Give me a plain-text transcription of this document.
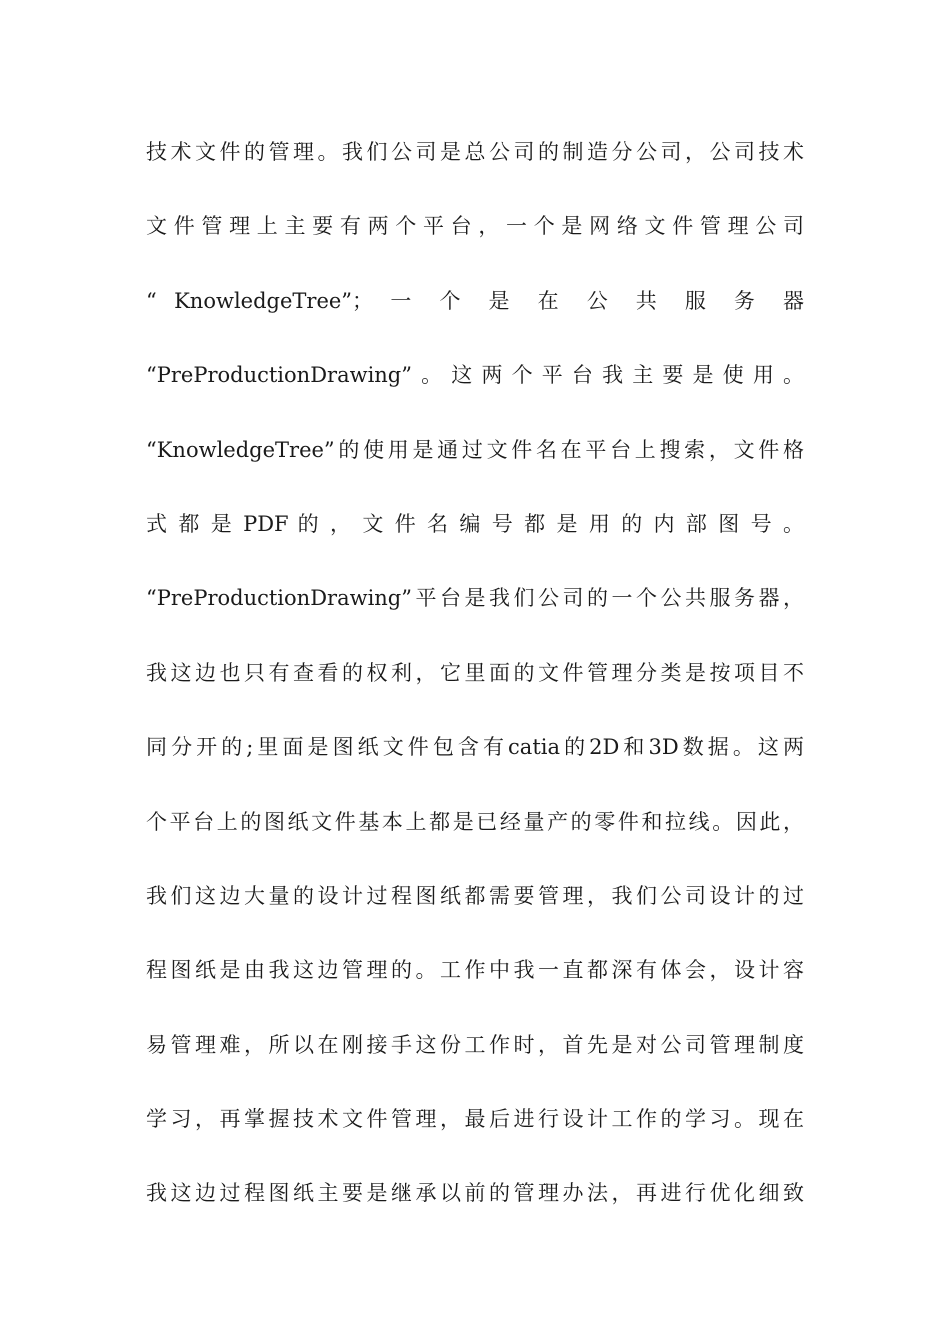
技术文件的管理。我们公司是总公司的制造分公司，公司技术
文件管理上主要有两个平台，一个是网络文件管理公司
“ KnowledgeTree”； 一 个 是 在 公 共 服 务 器
“PreProductionDrawing”。这两个平台我主要是使用。
“KnowledgeTree”的使用是通过文件名在平台上搜索，文件格
式 都 是 PDF 的 ， 文 件 名 编 号 都 是 用 的 内 部 图 号 。
“PreProductionDrawing”平台是我们公司的一个公共服务器，
我这边也只有查看的权利，它里面的文件管理分类是按项目不
同分开的;里面是图纸文件包含有catia的2D和3D数据。这两
个平台上的图纸文件基本上都是已经量产的零件和拉线。因此，
我们这边大量的设计过程图纸都需要管理，我们公司设计的过
程图纸是由我这边管理的。工作中我一直都深有体会，设计容
易管理难，所以在刚接手这份工作时，首先是对公司管理制度
学习，再掌握技术文件管理，最后进行设计工作的学习。现在
我这边过程图纸主要是继承以前的管理办法，再进行优化细致
